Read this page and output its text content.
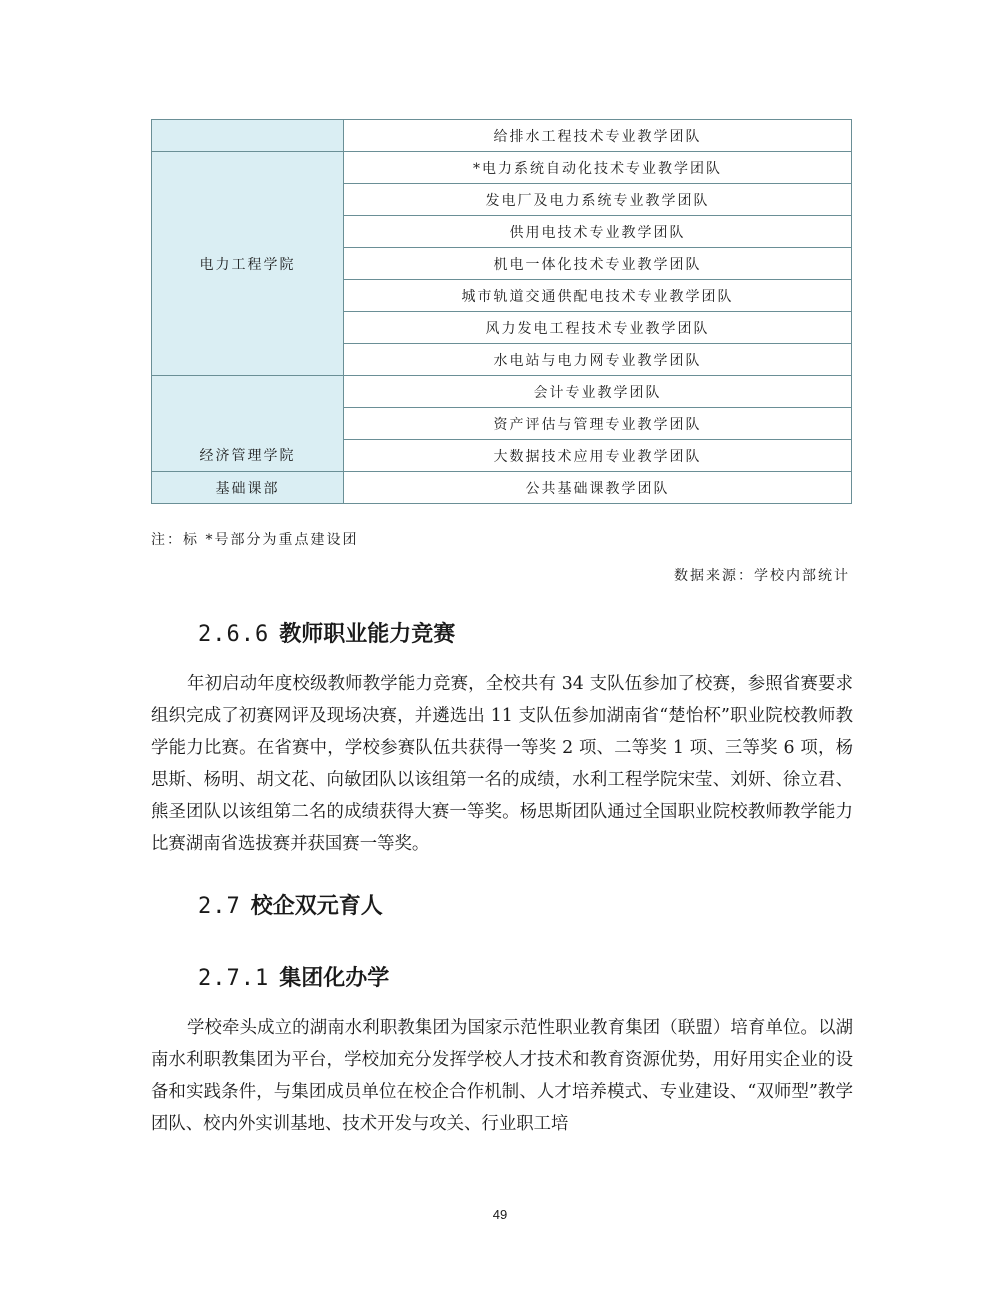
	给排水工程技术专业教学团队
电力工程学院	*电力系统自动化技术专业教学团队
	发电厂及电力系统专业教学团队
	供用电技术专业教学团队
	机电一体化技术专业教学团队
	城市轨道交通供配电技术专业教学团队
	风力发电工程技术专业教学团队
	水电站与电力网专业教学团队
经济管理学院	会计专业教学团队
	资产评估与管理专业教学团队
	大数据技术应用专业教学团队
基础课部	公共基础课教学团队
注：标 *号部分为重点建设团
数据来源：学校内部统计
2.6.6 教师职业能力竞赛

年初启动年度校级教师教学能力竞赛，全校共有 34 支队伍参加了校赛，参照省赛要求组织完成了初赛网评及现场决赛，并遴选出 11 支队伍参加湖南省“楚怡杯”职业院校教师教学能力比赛。在省赛中，学校参赛队伍共获得一等奖 2 项、二等奖 1 项、三等奖 6 项，杨思斯、杨明、胡文花、向敏团队以该组第一名的成绩，水利工程学院宋莹、刘妍、徐立君、熊圣团队以该组第二名的成绩获得大赛一等奖。杨思斯团队通过全国职业院校教师教学能力比赛湖南省选拔赛并获国赛一等奖。

2.7 校企双元育人
2.7.1 集团化办学

学校牵头成立的湖南水利职教集团为国家示范性职业教育集团（联盟）培育单位。以湖南水利职教集团为平台，学校加充分发挥学校人才技术和教育资源优势，用好用实企业的设备和实践条件，与集团成员单位在校企合作机制、人才培养模式、专业建设、“双师型”教学团队、校内外实训基地、技术开发与攻关、行业职工培

49
